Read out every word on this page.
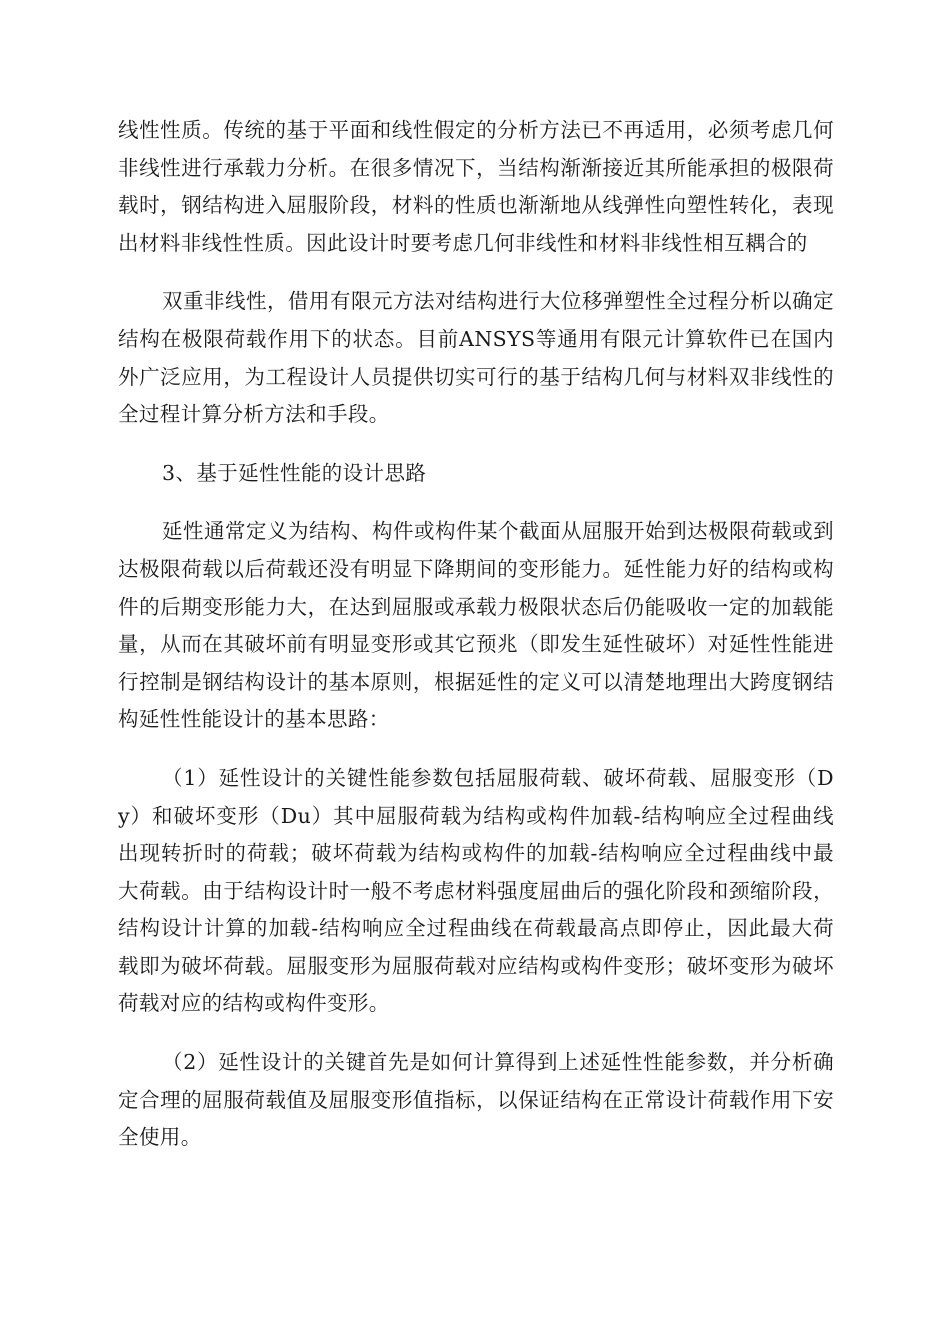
线性性质。传统的基于平面和线性假定的分析方法已不再适用，必须考虑几何非线性进行承载力分析。在很多情况下，当结构渐渐接近其所能承担的极限荷载时，钢结构进入屈服阶段，材料的性质也渐渐地从线弹性向塑性转化，表现出材料非线性性质。因此设计时要考虑几何非线性和材料非线性相互耦合的

双重非线性，借用有限元方法对结构进行大位移弹塑性全过程分析以确定结构在极限荷载作用下的状态。目前ANSYS等通用有限元计算软件已在国内外广泛应用，为工程设计人员提供切实可行的基于结构几何与材料双非线性的全过程计算分析方法和手段。

3、基于延性性能的设计思路

延性通常定义为结构、构件或构件某个截面从屈服开始到达极限荷载或到达极限荷载以后荷载还没有明显下降期间的变形能力。延性能力好的结构或构件的后期变形能力大，在达到屈服或承载力极限状态后仍能吸收一定的加载能量，从而在其破坏前有明显变形或其它预兆（即发生延性破坏）对延性性能进行控制是钢结构设计的基本原则，根据延性的定义可以清楚地理出大跨度钢结构延性性能设计的基本思路：

（1）延性设计的关键性能参数包括屈服荷载、破坏荷载、屈服变形（Dy）和破坏变形（Du）其中屈服荷载为结构或构件加载-结构响应全过程曲线出现转折时的荷载；破坏荷载为结构或构件的加载-结构响应全过程曲线中最大荷载。由于结构设计时一般不考虑材料强度屈曲后的强化阶段和颈缩阶段，结构设计计算的加载-结构响应全过程曲线在荷载最高点即停止，因此最大荷载即为破坏荷载。屈服变形为屈服荷载对应结构或构件变形；破坏变形为破坏荷载对应的结构或构件变形。

（2）延性设计的关键首先是如何计算得到上述延性性能参数，并分析确定合理的屈服荷载值及屈服变形值指标，以保证结构在正常设计荷载作用下安全使用。
